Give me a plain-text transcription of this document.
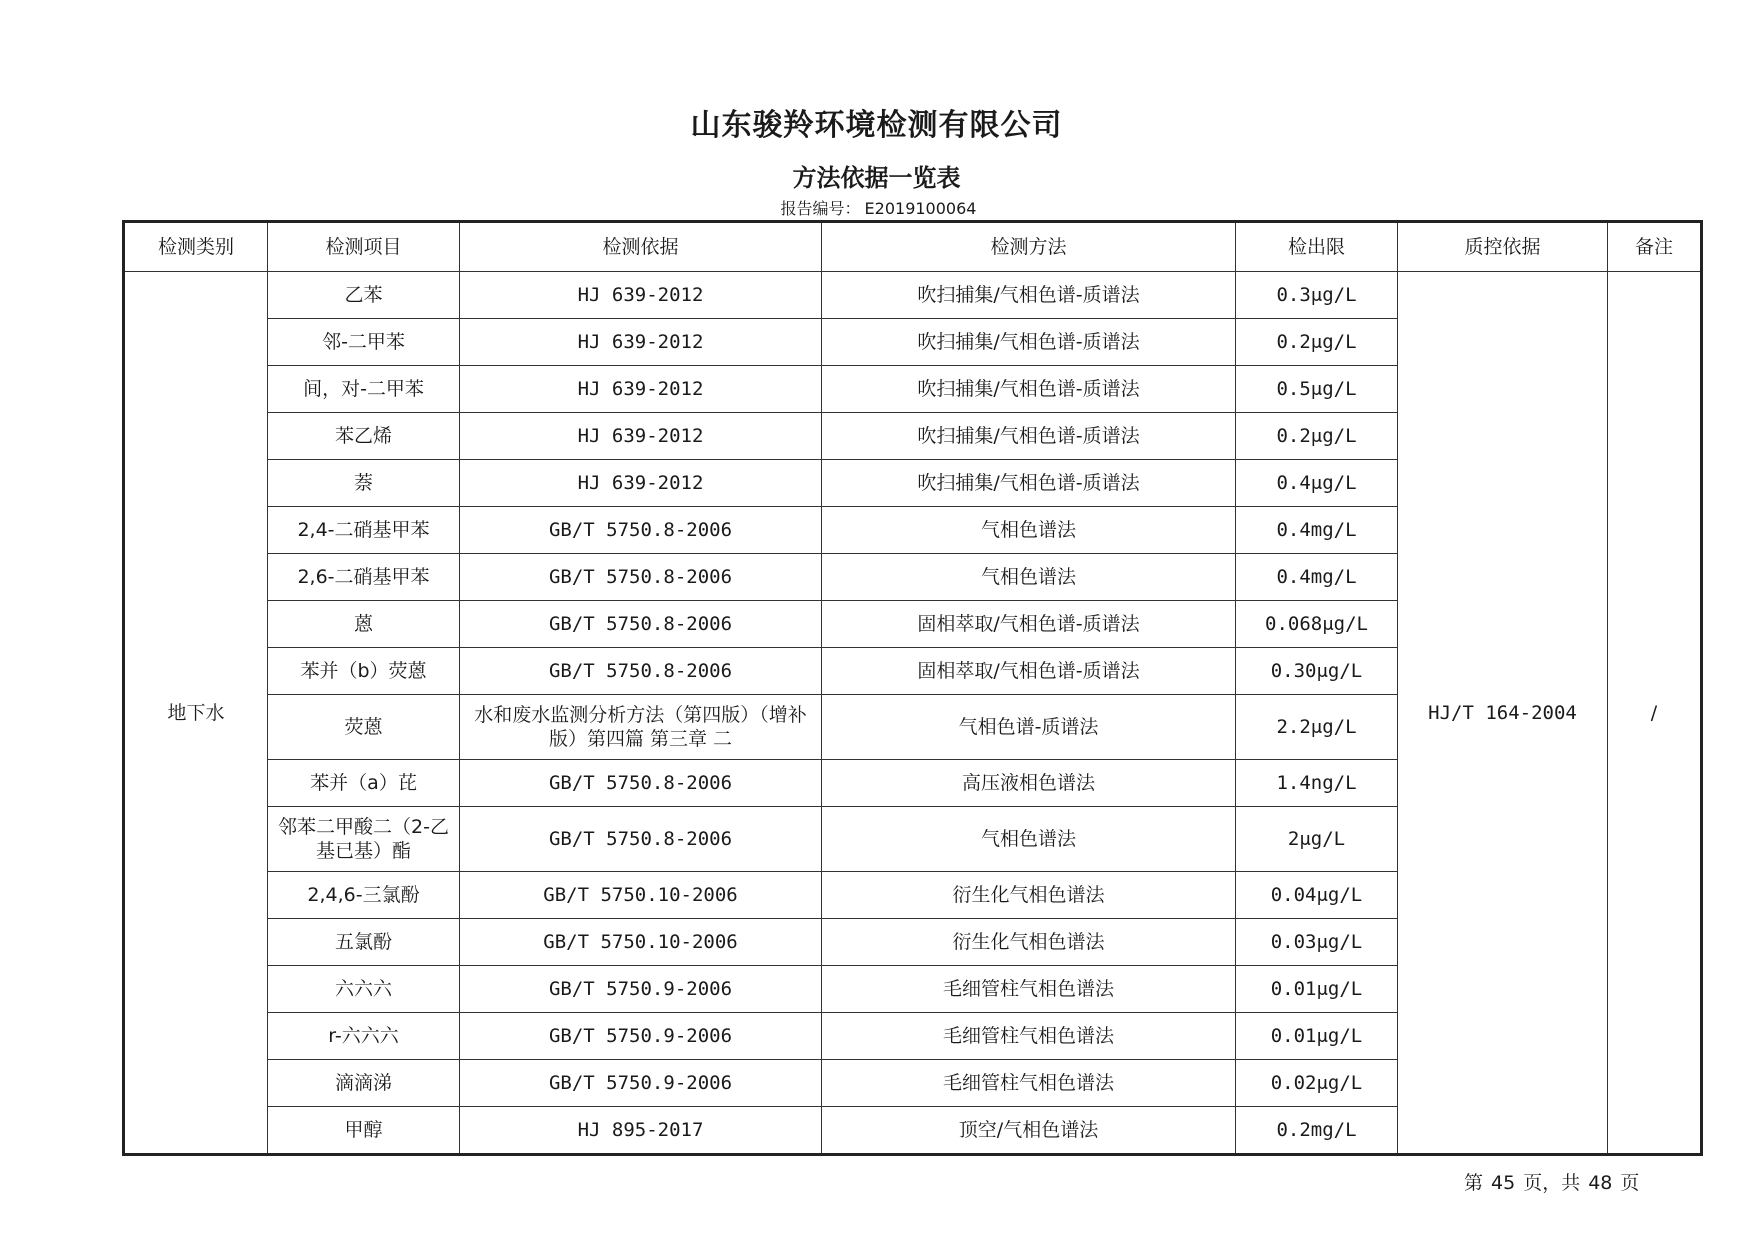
山东骏羚环境检测有限公司
方法依据一览表
报告编号： E2019100064
检测类别	检测项目	检测依据	检测方法	检出限	质控依据	备注
地下水	乙苯	HJ 639-2012	吹扫捕集/气相色谱-质谱法	0.3μg/L	HJ/T 164-2004	/
	邻-二甲苯	HJ 639-2012	吹扫捕集/气相色谱-质谱法	0.2μg/L		
	间，对-二甲苯	HJ 639-2012	吹扫捕集/气相色谱-质谱法	0.5μg/L		
	苯乙烯	HJ 639-2012	吹扫捕集/气相色谱-质谱法	0.2μg/L		
	萘	HJ 639-2012	吹扫捕集/气相色谱-质谱法	0.4μg/L		
	2,4-二硝基甲苯	GB/T 5750.8-2006	气相色谱法	0.4mg/L		
	2,6-二硝基甲苯	GB/T 5750.8-2006	气相色谱法	0.4mg/L		
	蒽	GB/T 5750.8-2006	固相萃取/气相色谱-质谱法	0.068μg/L		
	苯并（b）荧蒽	GB/T 5750.8-2006	固相萃取/气相色谱-质谱法	0.30μg/L		
	荧蒽	水和废水监测分析方法（第四版）（增补版）第四篇 第三章 二	气相色谱-质谱法	2.2μg/L		
	苯并（a）芘	GB/T 5750.8-2006	高压液相色谱法	1.4ng/L		
	邻苯二甲酸二（2-乙基已基）酯	GB/T 5750.8-2006	气相色谱法	2μg/L		
	2,4,6-三氯酚	GB/T 5750.10-2006	衍生化气相色谱法	0.04μg/L		
	五氯酚	GB/T 5750.10-2006	衍生化气相色谱法	0.03μg/L		
	六六六	GB/T 5750.9-2006	毛细管柱气相色谱法	0.01μg/L		
	r-六六六	GB/T 5750.9-2006	毛细管柱气相色谱法	0.01μg/L		
	滴滴涕	GB/T 5750.9-2006	毛细管柱气相色谱法	0.02μg/L		
	甲醇	HJ 895-2017	顶空/气相色谱法	0.2mg/L		
第 45 页，共 48 页
